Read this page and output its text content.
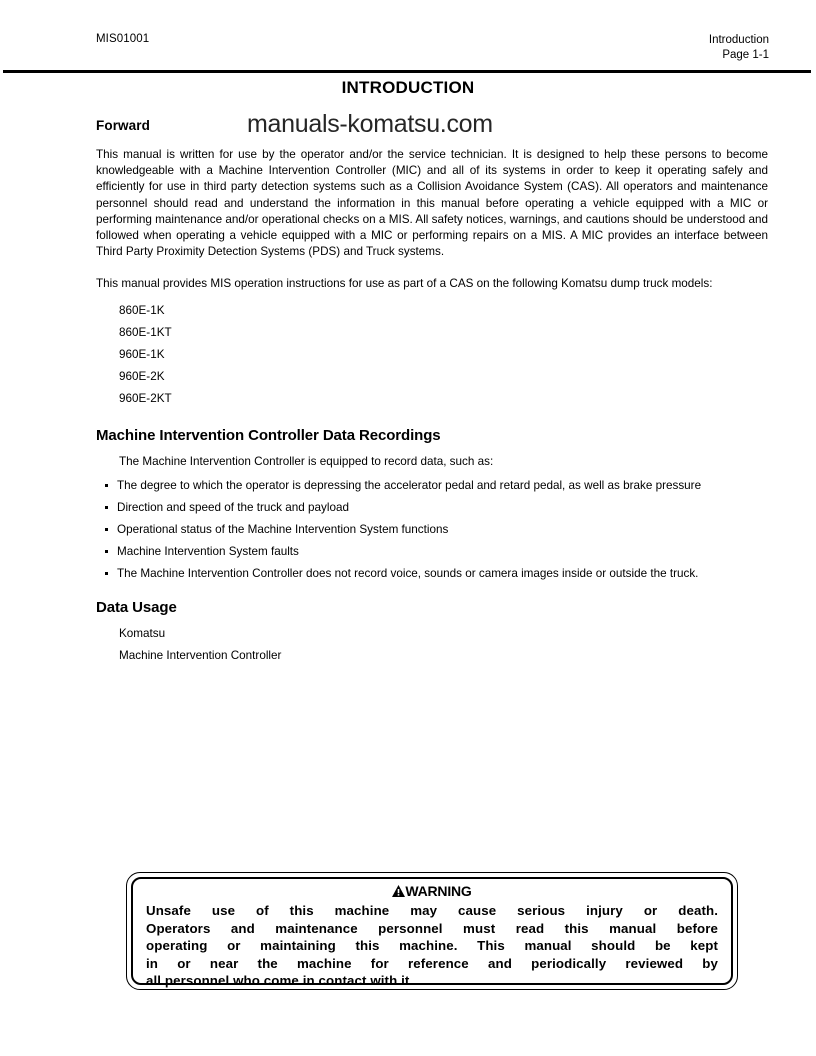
MIS01001	Introduction
Page 1-1
INTRODUCTION
manuals-komatsu.com
Forward

This manual is written for use by the operator and/or the service technician. It is designed to help these persons to become knowledgeable with a Machine Intervention Controller (MIC) and all of its systems in order to keep it operating safely and efficiently for use in third party detection systems such as a Collision Avoidance System (CAS). All operators and maintenance personnel should read and understand the information in this manual before operating a vehicle equipped with a MIC or performing maintenance and/or operational checks on a MIS. All safety notices, warnings, and cautions should be understood and followed when operating a vehicle equipped with a MIC or performing repairs on a MIS. A MIC provides an interface between Third Party Proximity Detection Systems (PDS) and Truck systems.

This manual provides MIS operation instructions for use as part of a CAS on the following Komatsu dump truck models:

860E-1K
860E-1KT
960E-1K
960E-2K
960E-2KT
Machine Intervention Controller Data Recordings
The Machine Intervention Controller is equipped to record data, such as:
The degree to which the operator is depressing the accelerator pedal and retard pedal, as well as brake pressure
Direction and speed of the truck and payload
Operational status of the Machine Intervention System functions
Machine Intervention System faults
The Machine Intervention Controller does not record voice, sounds or camera images inside or outside the truck.
Data Usage
Komatsu
Machine Intervention Controller
WARNING
Unsafe use of this machine may cause serious injury or death.
Operators and maintenance personnel must read this manual before
operating or maintaining this machine. This manual should be kept
in or near the machine for reference and periodically reviewed by
all personnel who come in contact with it.
